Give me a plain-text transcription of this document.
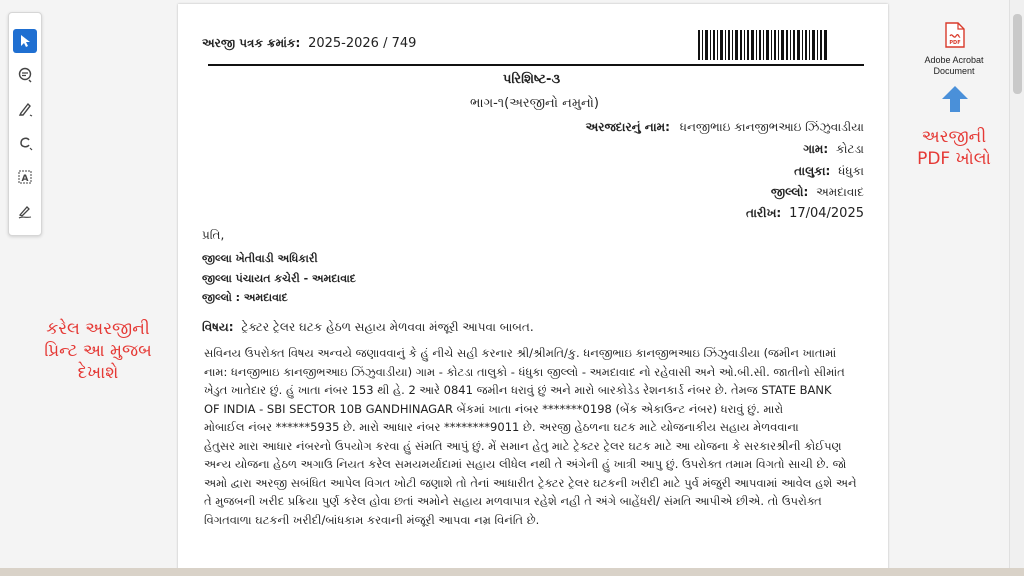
A
કરેલ અરજીની
પ્રિન્ટ આ મુજબ
દેખાશે
અરજી પત્રક ક્રમાંક: 2025-2026 / 749
પરિશિષ્ટ-૩
ભાગ-૧(અરજીનો નમુનો)
અરજદારનું નામ: ધનજીભાઇ કાનજીભઆઇ ઝિંઝુવાડીયા
ગામ: કોટડા
તાલુકા: ધંધુકા
જીલ્લો: અમદાવાદ
તારીખ: 17/04/2025
પ્રતિ,
જીલ્લા ખેતીવાડી અધિકારી
જીલ્લા પંચાયત કચેરી - અમદાવાદ
જીલ્લો : અમદાવાદ
વિષય: ટ્રેક્ટર ટ્રેલર ઘટક હેઠળ સહાય મેળવવા મંજૂરી આપવા બાબત.
સવિનય ઉપરોક્ત વિષય અન્વયે જણાવવાનું કે હું નીચે સહી કરનાર શ્રી/શ્રીમતિ/કુ. ધનજીભાઇ કાનજીભઆઇ ઝિંઝુવાડીયા (જમીન ખાતામાં
નામ: ધનજીભાઇ કાનજીભઆઇ ઝિંઝુવાડીયા) ગામ - કોટડા તાલુકો - ધંધુકા જીલ્લો - અમદાવાદ નો રહેવાસી અને ઓ.બી.સી. જાતીનો સીમાંત
ખેડુત ખાતેદાર છું. હું ખાતા નંબર 153 થી હે. 2 આરે 0841 જમીન ધરાવું છું અને મારો બારકોડેડ રેશનકાર્ડ નંબર છે. તેમજ STATE BANK
OF INDIA - SBI SECTOR 10B GANDHINAGAR બેંકમાં ખાતા નંબર *******0198 (બેંક એકાઉન્ટ નંબર) ધરાવું છું. મારો
મોબાઈલ નંબર ******5935 છે. મારો આધાર નંબર ********9011 છે. અરજી હેઠળના ઘટક માટે યોજનાકીય સહાય મેળવવાના
હેતુસર મારા આધાર નંબરનો ઉપયોગ કરવા હું સંમતિ આપું છું. મેં સમાન હેતુ માટે ટ્રેક્ટર ટ્રેલર ઘટક માટે આ યોજના કે સરકારશ્રીની કોઈપણ
અન્ય યોજના હેઠળ અગાઉ નિયત કરેલ સમયમર્યાદામાં સહાય લીધેલ નથી તે અંગેની હું ખાત્રી આપુ છું. ઉપરોક્ત તમામ વિગતો સાચી છે. જો
અમો દ્વારા અરજી સબંધિત આપેલ વિગત ખોટી જણાશે તો તેનાં આધારીત ટ્રેક્ટર ટ્રેલર ઘટકની ખરીદી માટે પુર્વ મંજુરી આપવામાં આવેલ હશે અને
તે મુજબની ખરીદ પ્રક્રિયા પુર્ણ કરેલ હોવા છતાં અમોને સહાય મળવાપાત્ર રહેશે નહી તે અંગે બાહેંધરી/ સંમતિ આપીએ છીએ. તો ઉપરોક્ત
વિગતવાળા ઘટકની ખરીદી/બાંધકામ કરવાની મંજૂરી આપવા નમ્ર વિનંતિ છે.
PDF
Adobe Acrobat
Document
અરજીની
PDF ખોલો
